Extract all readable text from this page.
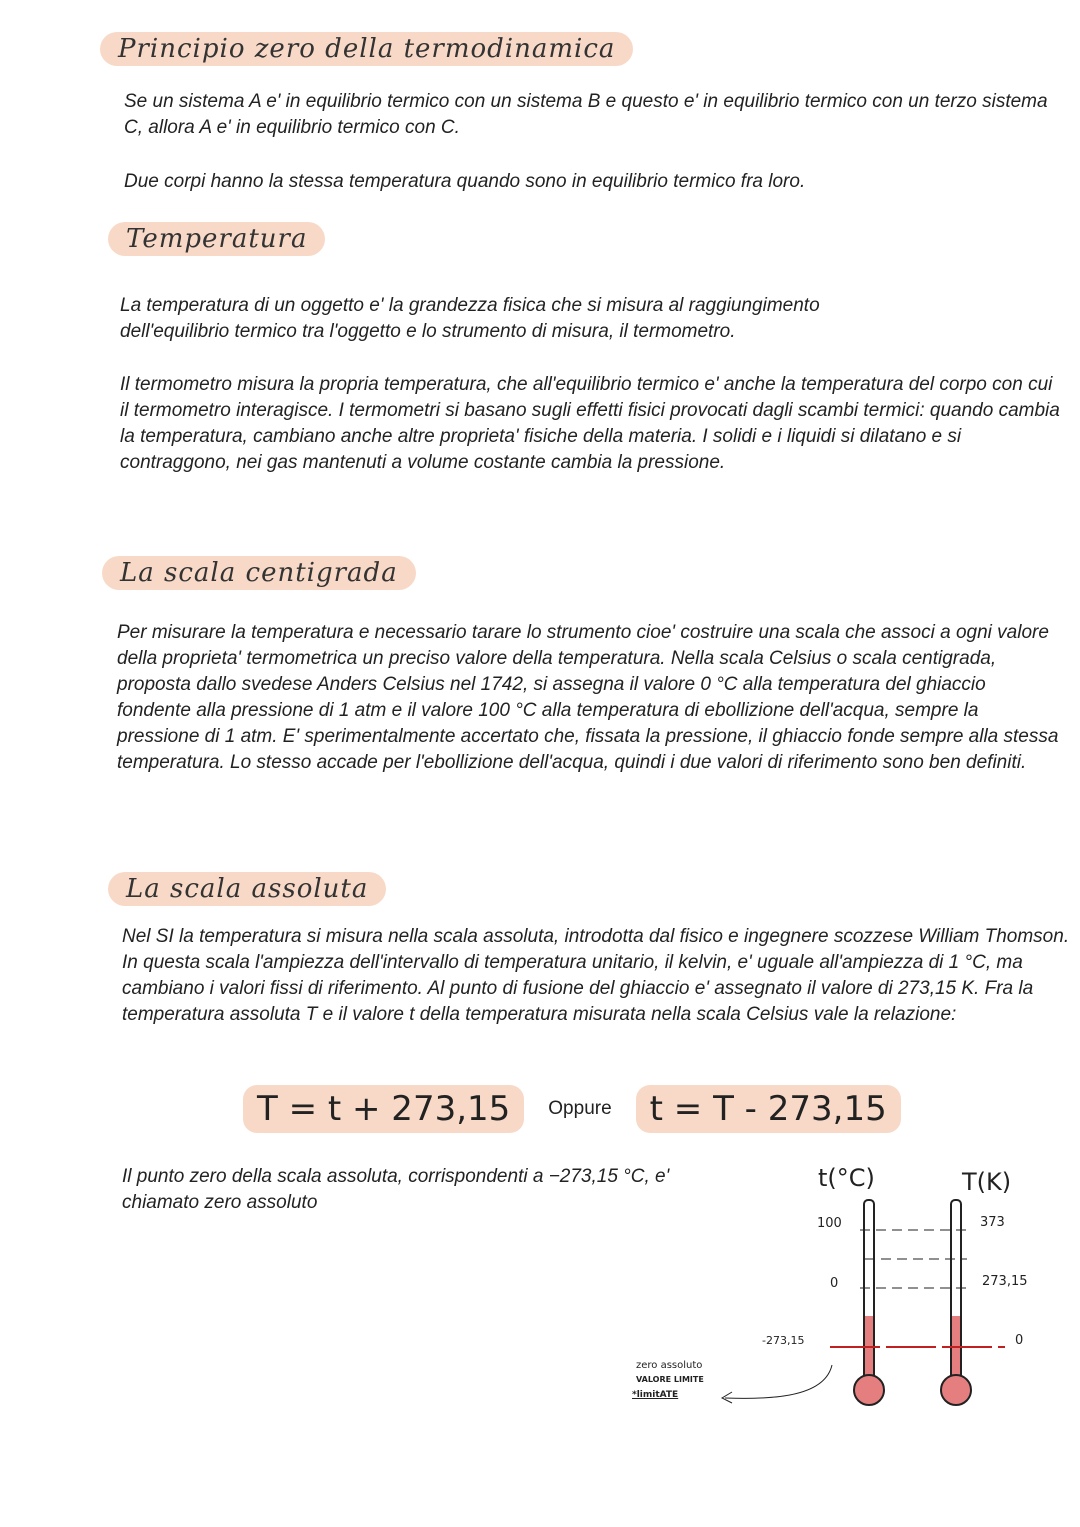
Principio zero della termodinamica
Se un sistema A e' in equilibrio termico con un sistema B e questo e' in equilibrio termico con un terzo sistema C, allora A e' in equilibrio termico con C.
Due corpi hanno la stessa temperatura quando sono in equilibrio termico fra loro.
Temperatura
La temperatura di un oggetto e' la grandezza fisica che si misura al raggiungimento dell'equilibrio termico tra l'oggetto e lo strumento di misura, il termometro.
Il termometro misura la propria temperatura, che all'equilibrio termico e' anche la temperatura del corpo con cui il termometro interagisce. I termometri si basano sugli effetti fisici provocati dagli scambi termici: quando cambia la temperatura, cambiano anche altre proprieta' fisiche della materia. I solidi e i liquidi si dilatano e si contraggono, nei gas mantenuti a volume costante cambia la pressione.
La scala centigrada
Per misurare la temperatura e necessario tarare lo strumento cioe' costruire una scala che associ a ogni valore della proprieta' termometrica un preciso valore della temperatura. Nella scala Celsius o scala centigrada, proposta dallo svedese Anders Celsius nel 1742, si assegna il valore 0 °C alla temperatura del ghiaccio fondente alla pressione di 1 atm e il valore 100 °C alla temperatura di ebollizione dell'acqua, sempre la pressione di 1 atm. E' sperimentalmente accertato che, fissata la pressione, il ghiaccio fonde sempre alla stessa temperatura. Lo stesso accade per l'ebollizione dell'acqua, quindi i due valori di riferimento sono ben definiti.
La scala assoluta
Nel SI la temperatura si misura nella scala assoluta, introdotta dal fisico e ingegnere scozzese William Thomson. In questa scala l'ampiezza dell'intervallo di temperatura unitario, il kelvin, e' uguale all'ampiezza di 1 °C, ma cambiano i valori fissi di riferimento. Al punto di fusione del ghiaccio e' assegnato il valore di 273,15 K. Fra la temperatura assoluta T e il valore t della temperatura misurata nella scala Celsius vale la relazione:
T = t + 273,15	Oppure	t = T - 273,15
Il punto zero della scala assoluta, corrispondenti a −273,15 °C, e' chiamato zero assoluto
t(°C)	T(K)
100
0
-273,15
373
273,15
0
zero assoluto
VALORE LIMITE
*limitATE
